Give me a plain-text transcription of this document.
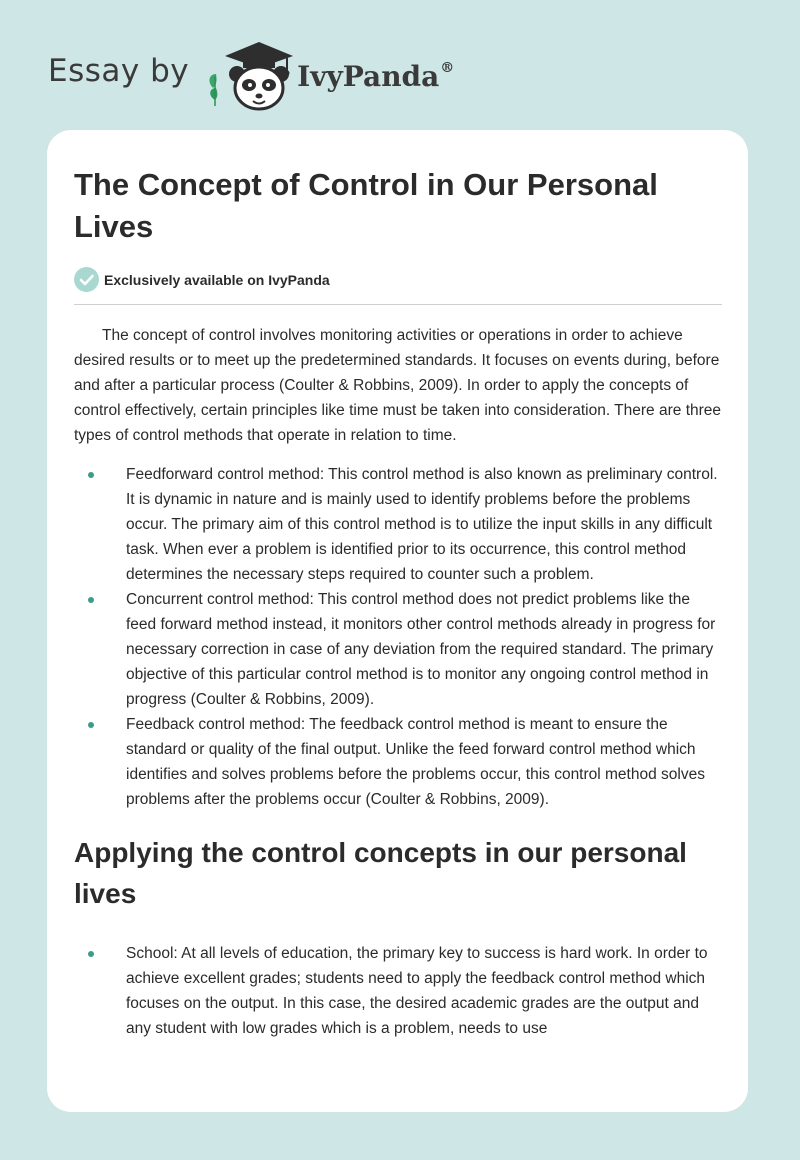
Essay by	IvyPanda®
The Concept of Control in Our Personal Lives
Exclusively available on IvyPanda

The concept of control involves monitoring activities or operations in order to achieve desired results or to meet up the predetermined standards. It focuses on events during, before and after a particular process (Coulter & Robbins, 2009). In order to apply the concepts of control effectively, certain principles like time must be taken into consideration. There are three types of control methods that operate in relation to time.

Feedforward control method: This control method is also known as preliminary control. It is dynamic in nature and is mainly used to identify problems before the problems occur. The primary aim of this control method is to utilize the input skills in any difficult task. When ever a problem is identified prior to its occurrence, this control method determines the necessary steps required to counter such a problem.
Concurrent control method: This control method does not predict problems like the feed forward method instead, it monitors other control methods already in progress for necessary correction in case of any deviation from the required standard. The primary objective of this particular control method is to monitor any ongoing control method in progress (Coulter & Robbins, 2009).
Feedback control method: The feedback control method is meant to ensure the standard or quality of the final output. Unlike the feed forward control method which identifies and solves problems before the problems occur, this control method solves problems after the problems occur (Coulter & Robbins, 2009).
Applying the control concepts in our personal lives
School: At all levels of education, the primary key to success is hard work. In order to achieve excellent grades; students need to apply the feedback control method which focuses on the output. In this case, the desired academic grades are the output and any student with low grades which is a problem, needs to use
